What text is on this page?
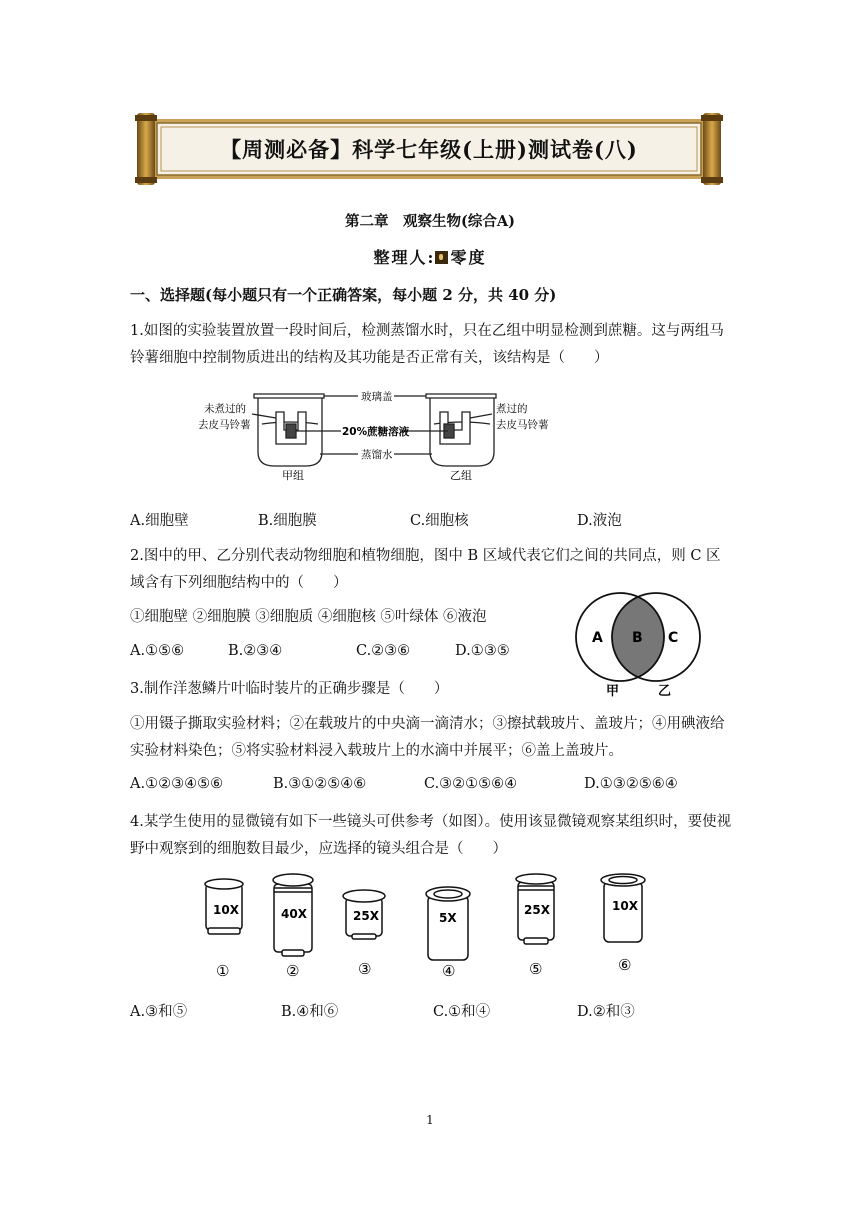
【周测必备】科学七年级(上册)测试卷(八)
第二章　观察生物(综合A)
整理人: 零度
一、选择题(每小题只有一个正确答案，每小题 2 分，共 40 分)
1.如图的实验装置放置一段时间后，检测蒸馏水时，只在乙组中明显检测到蔗糖。这与两组马铃薯细胞中控制物质进出的结构及其功能是否正常有关，该结构是（　　）
未煮过的
去皮马铃薯
玻璃盖
20%蔗糖溶液
蒸馏水
煮过的
去皮马铃薯
甲组	乙组
A.细胞壁	B.细胞膜	C.细胞核	D.液泡
2.图中的甲、乙分别代表动物细胞和植物细胞，图中 B 区域代表它们之间的共同点，则 C 区域含有下列细胞结构中的（　　）
①细胞壁 ②细胞膜 ③细胞质 ④细胞核 ⑤叶绿体 ⑥液泡
A.①⑤⑥	B.②③④	C.②③⑥	D.①③⑤
A B C
甲	乙
3.制作洋葱鳞片叶临时装片的正确步骤是（　　）
①用镊子撕取实验材料；②在载玻片的中央滴一滴清水；③擦拭载玻片、盖玻片；④用碘液给实验材料染色；⑤将实验材料浸入载玻片上的水滴中并展平；⑥盖上盖玻片。
A.①②③④⑤⑥	B.③①②⑤④⑥	C.③②①⑤⑥④	D.①③②⑤⑥④
4.某学生使用的显微镜有如下一些镜头可供参考（如图）。使用该显微镜观察某组织时，要使视野中观察到的细胞数目最少，应选择的镜头组合是（　　）
10X	40X	25X	5X
25X	10X
①	②	③	④	⑤	⑥
A.③和⑤	B.④和⑥	C.①和④	D.②和③
1
